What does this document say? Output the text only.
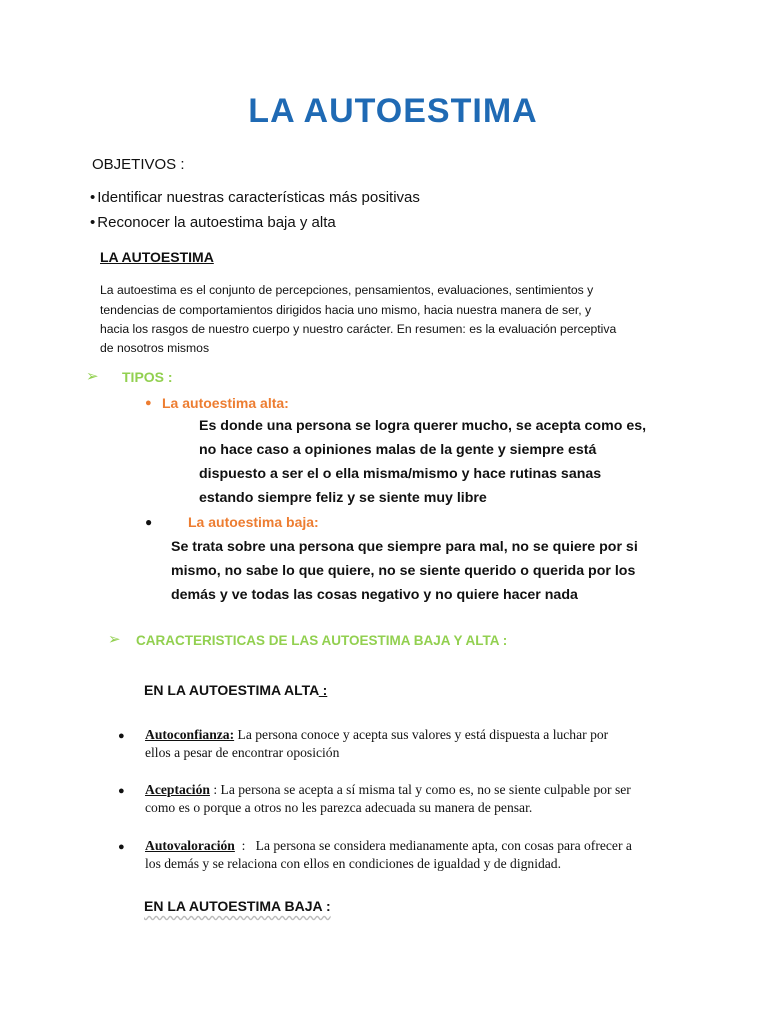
LA AUTOESTIMA
OBJETIVOS :
• Identificar nuestras características más positivas
• Reconocer la autoestima baja y alta
LA AUTOESTIMA
La autoestima es el conjunto de percepciones, pensamientos, evaluaciones, sentimientos y
tendencias de comportamientos dirigidos hacia uno mismo, hacia nuestra manera de ser, y
hacia los rasgos de nuestro cuerpo y nuestro carácter. En resumen: es la evaluación perceptiva
de nosotros mismos
➢ TIPOS :
● La autoestima alta:
Es donde una persona se logra querer mucho, se acepta como es,
no hace caso a opiniones malas de la gente y siempre está
dispuesto a ser el o ella misma/mismo y hace rutinas sanas
estando siempre feliz y se siente muy libre
●	La autoestima baja:
Se trata sobre una persona que siempre para mal, no se quiere por si
mismo, no sabe lo que quiere, no se siente querido o querida por los
demás y ve todas las cosas negativo y no quiere hacer nada
➢ CARACTERISTICAS DE LAS AUTOESTIMA BAJA Y ALTA :
EN LA AUTOESTIMA ALTA :
● Autoconfianza: La persona conoce y acepta sus valores y está dispuesta a luchar por
ellos a pesar de encontrar oposición
● Aceptación : La persona se acepta a sí misma tal y como es, no se siente culpable por ser
como es o porque a otros no les parezca adecuada su manera de pensar.
● Autovaloración  :   La persona se considera medianamente apta, con cosas para ofrecer a
los demás y se relaciona con ellos en condiciones de igualdad y de dignidad.
EN LA AUTOESTIMA BAJA :
